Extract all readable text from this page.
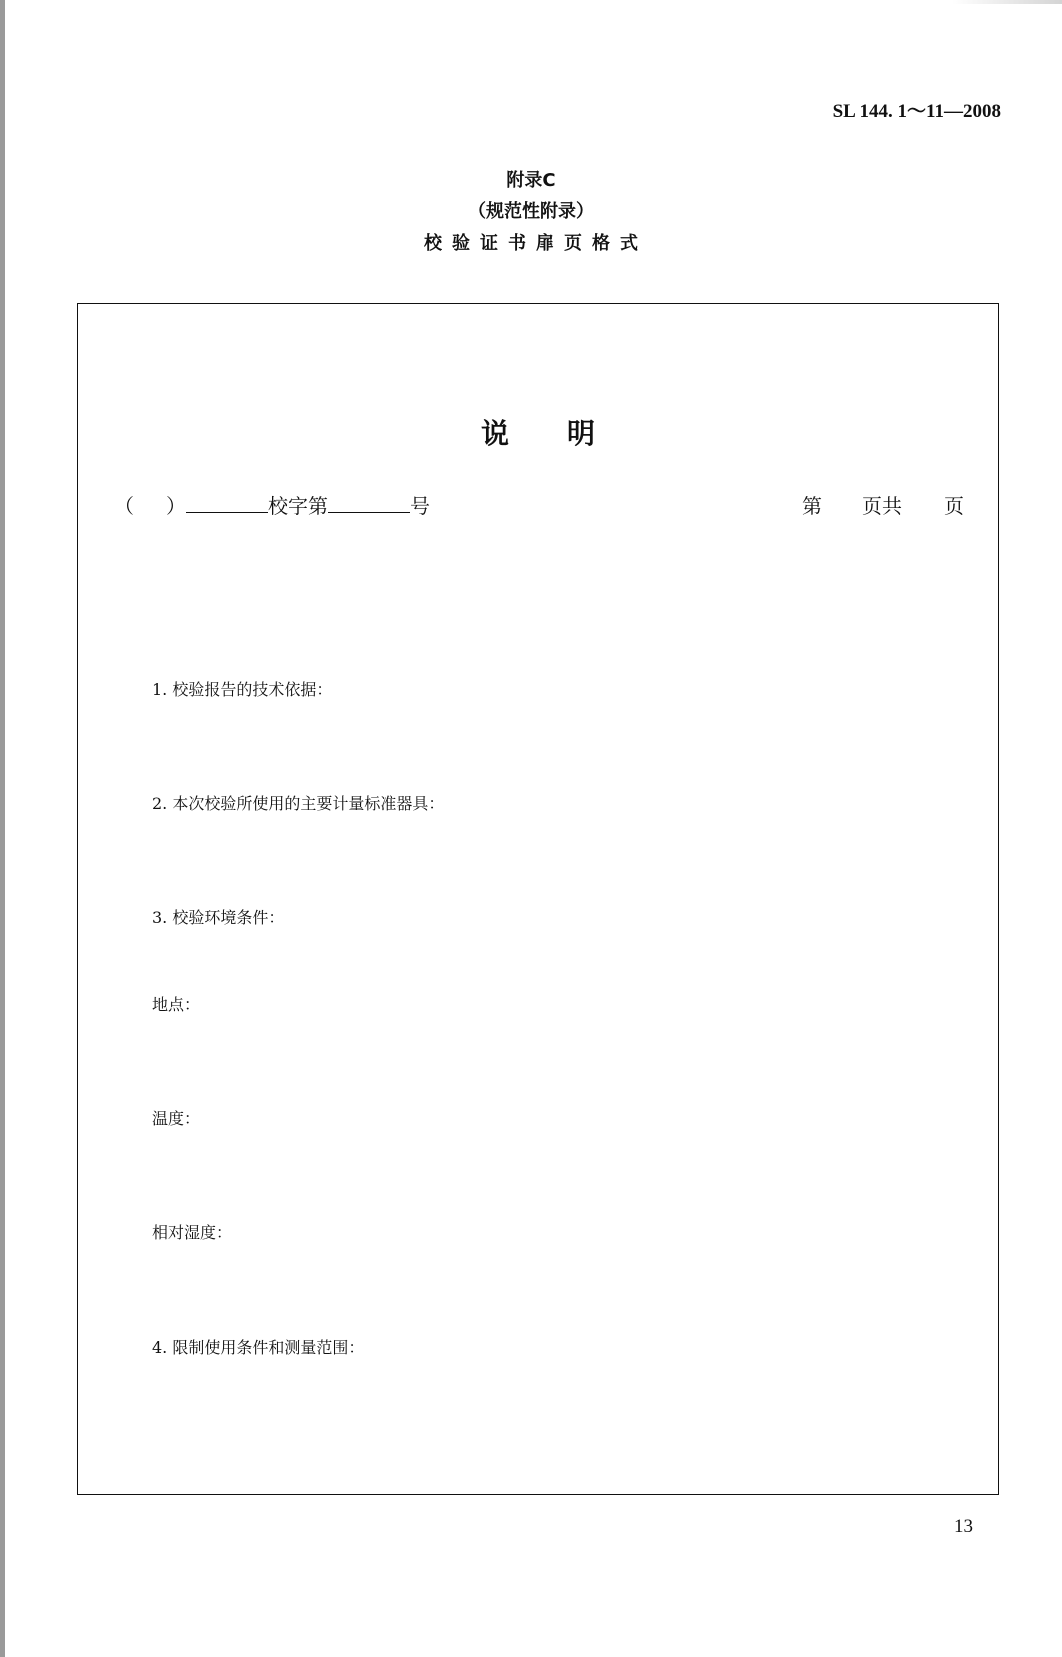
SL 144. 1～11—2008
附录C
（规范性附录）
校验证书扉页格式
说明
（	）	校字第	号	第 页共 页
1. 校验报告的技术依据：
2. 本次校验所使用的主要计量标准器具：
3. 校验环境条件：
地点：
温度：
相对湿度：
4. 限制使用条件和测量范围：
13
